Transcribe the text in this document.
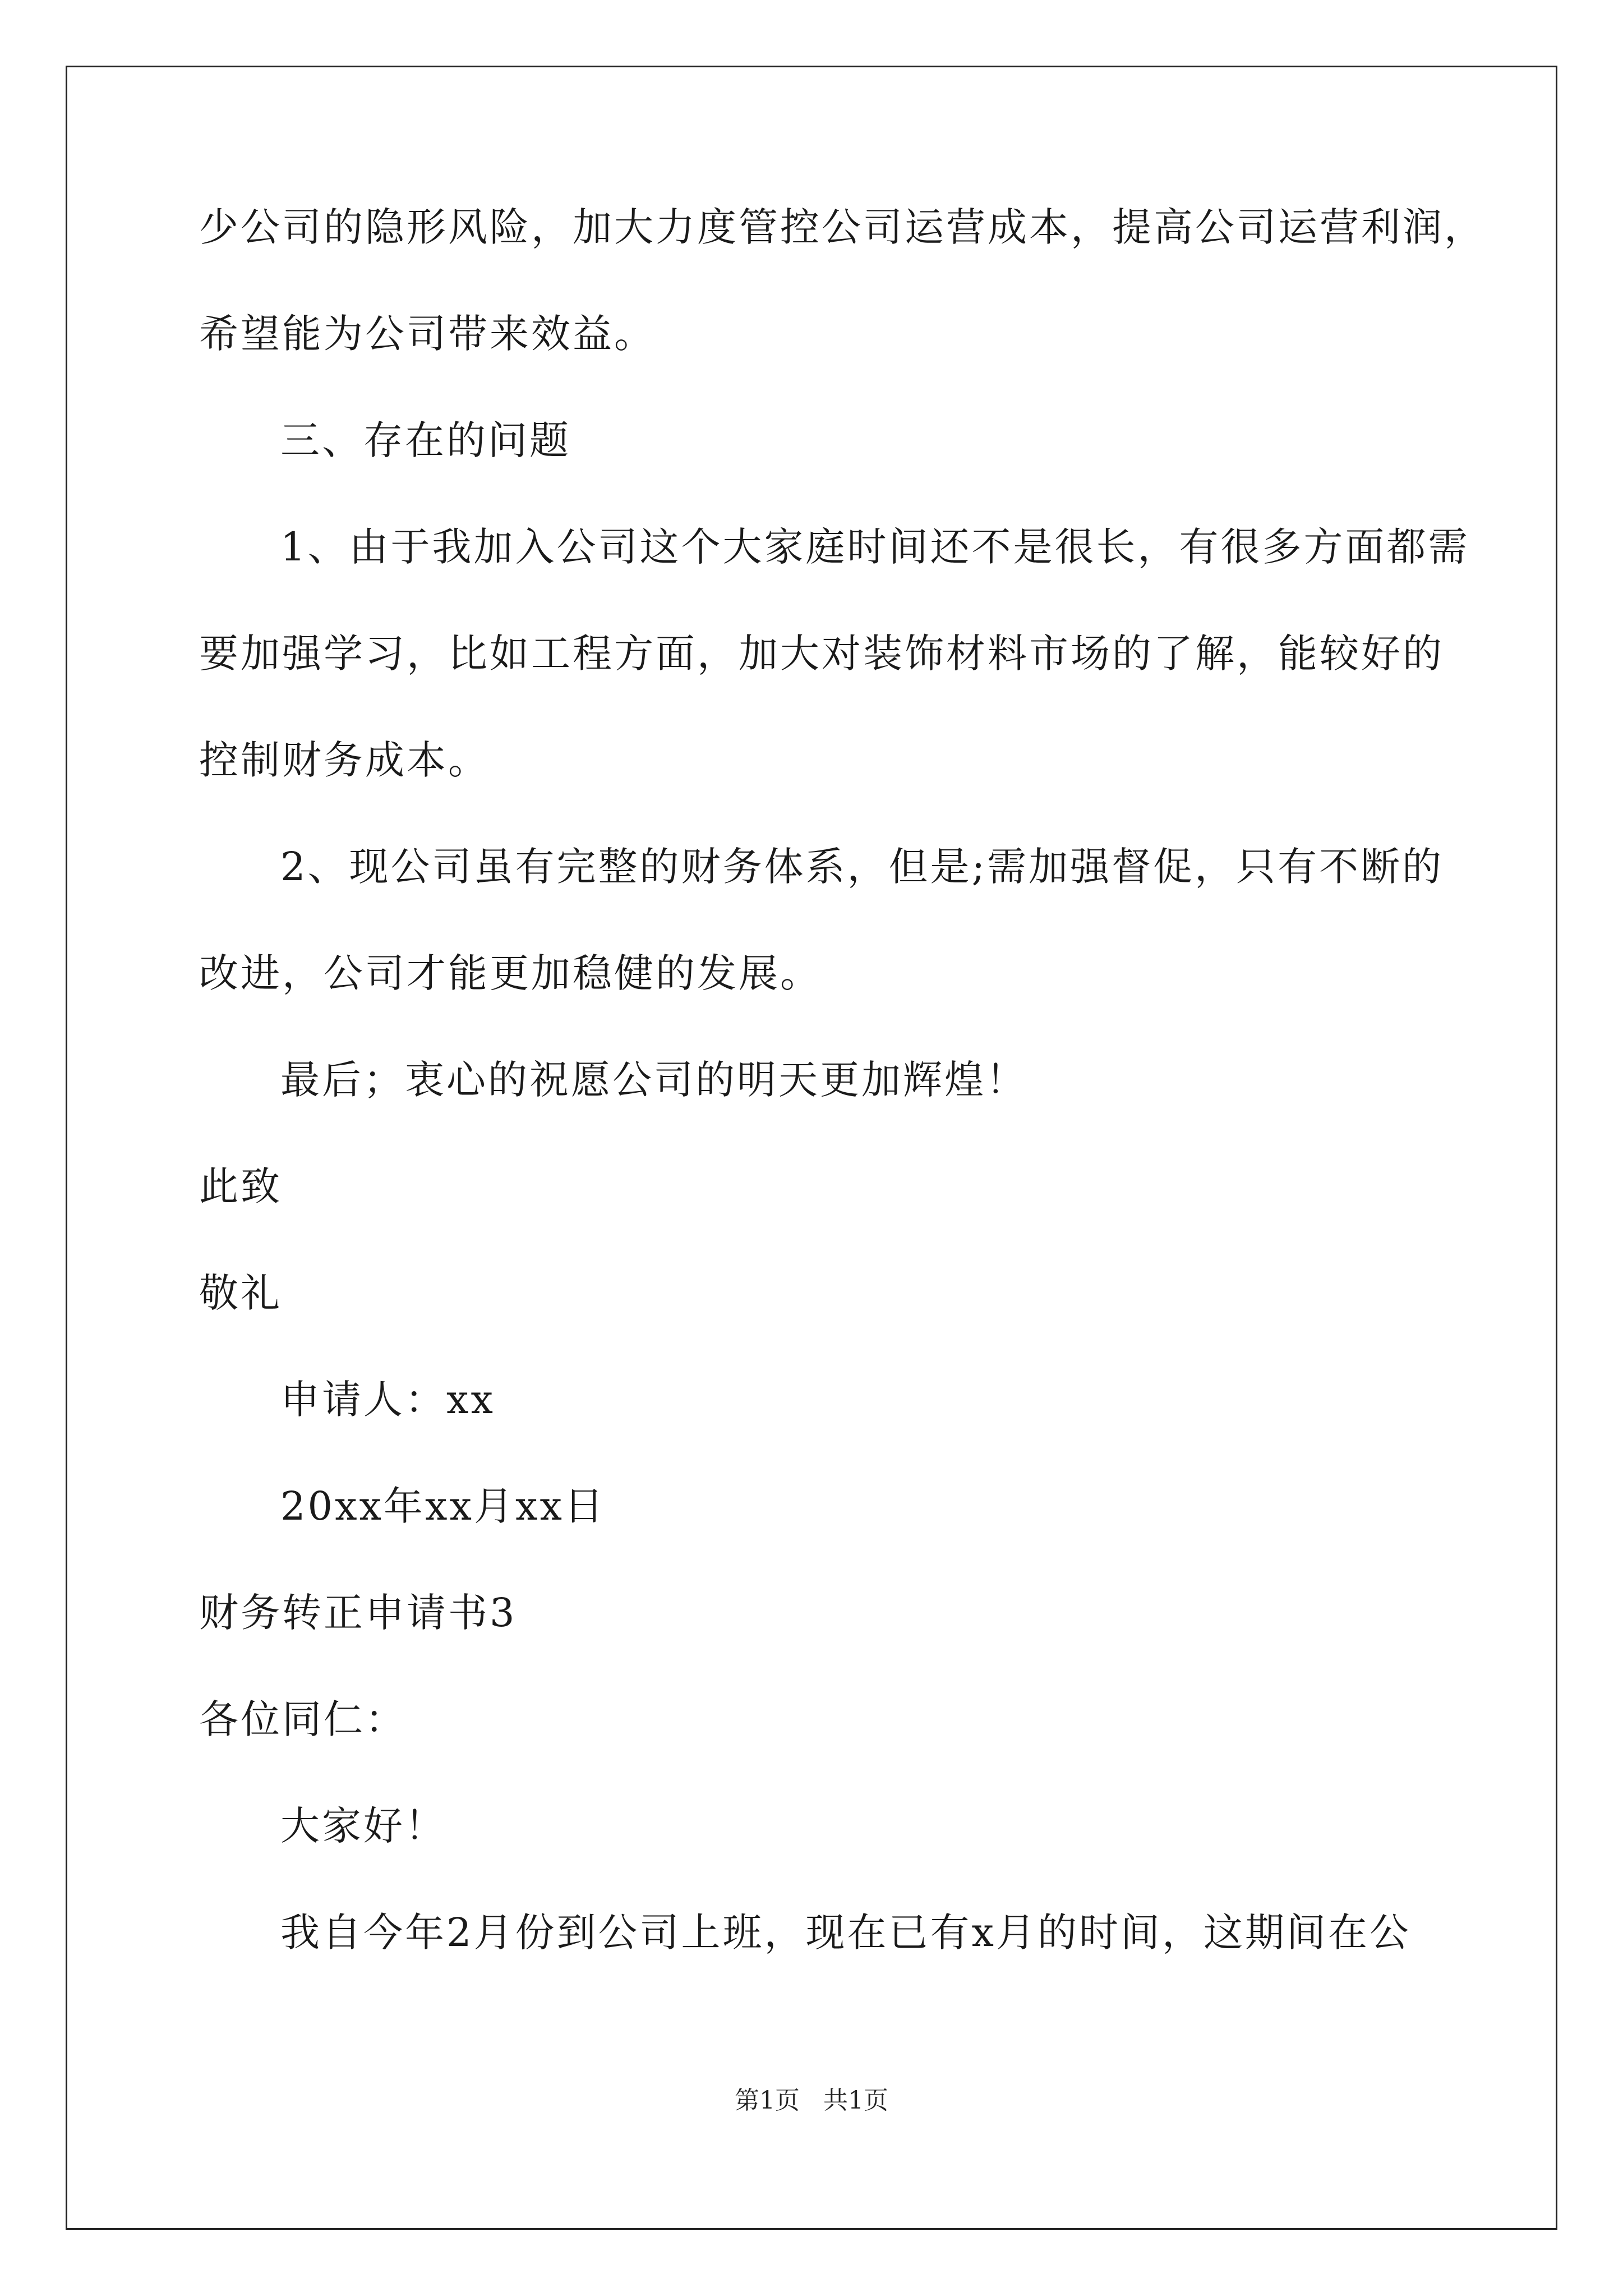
少公司的隐形风险，加大力度管控公司运营成本，提高公司运营利润，
希望能为公司带来效益。
三、存在的问题
1、由于我加入公司这个大家庭时间还不是很长，有很多方面都需
要加强学习，比如工程方面，加大对装饰材料市场的了解，能较好的
控制财务成本。
2、现公司虽有完整的财务体系，但是;需加强督促，只有不断的
改进，公司才能更加稳健的发展。
最后；衷心的祝愿公司的明天更加辉煌！
此致
敬礼
申请人：xx
20xx年xx月xx日
财务转正申请书3
各位同仁：
大家好！
我自今年2月份到公司上班，现在已有x月的时间，这期间在公
第1页 共1页
